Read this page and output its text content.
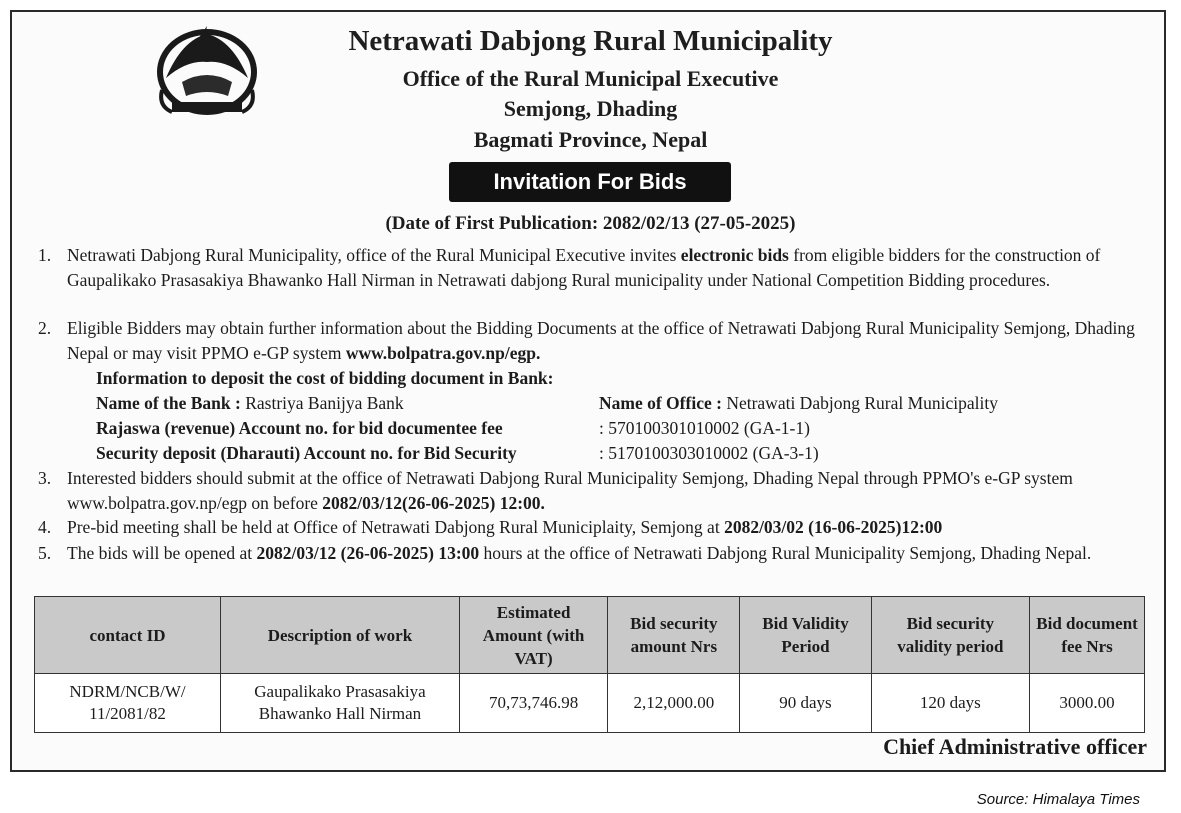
Netrawati Dabjong Rural Municipality
Office of the Rural Municipal Executive
Semjong, Dhading
Bagmati Province, Nepal
Invitation For Bids
(Date of First Publication: 2082/02/13 (27-05-2025)
1. Netrawati Dabjong Rural Municipality, office of the Rural Municipal Executive invites electronic bids from eligible bidders for the construction of Gaupalikako Prasasakiya Bhawanko Hall Nirman in Netrawati dabjong Rural municipality under National Competition Bidding procedures.
2. Eligible Bidders may obtain further information about the Bidding Documents at the office of Netrawati Dabjong Rural Municipality Semjong, Dhading Nepal or may visit PPMO e-GP system www.bolpatra.gov.np/egp.
Information to deposit the cost of bidding document in Bank:
Name of the Bank : Rastriya Banijya Bank	Name of Office : Netrawati Dabjong Rural Municipality
Rajaswa (revenue) Account no. for bid documentee fee	: 570100301010002 (GA-1-1)
Security deposit (Dharauti) Account no. for Bid Security	: 5170100303010002 (GA-3-1)
3. Interested bidders should submit at the office of Netrawati Dabjong Rural Municipality Semjong, Dhading Nepal through PPMO's e-GP system www.bolpatra.gov.np/egp on before 2082/03/12(26-06-2025) 12:00.
4. Pre-bid meeting shall be held at Office of Netrawati Dabjong Rural Municiplaity, Semjong at 2082/03/02 (16-06-2025)12:00
5. The bids will be opened at 2082/03/12 (26-06-2025) 13:00 hours at the office of Netrawati Dabjong Rural Municipality Semjong, Dhading Nepal.
contact ID	Description of work	Estimated Amount (with VAT)	Bid security amount Nrs	Bid Validity Period	Bid security validity period	Bid document fee Nrs
NDRM/NCB/W/ 11/2081/82	Gaupalikako Prasasakiya Bhawanko Hall Nirman	70,73,746.98	2,12,000.00	90 days	120 days	3000.00
Chief Administrative officer
Source: Himalaya Times
